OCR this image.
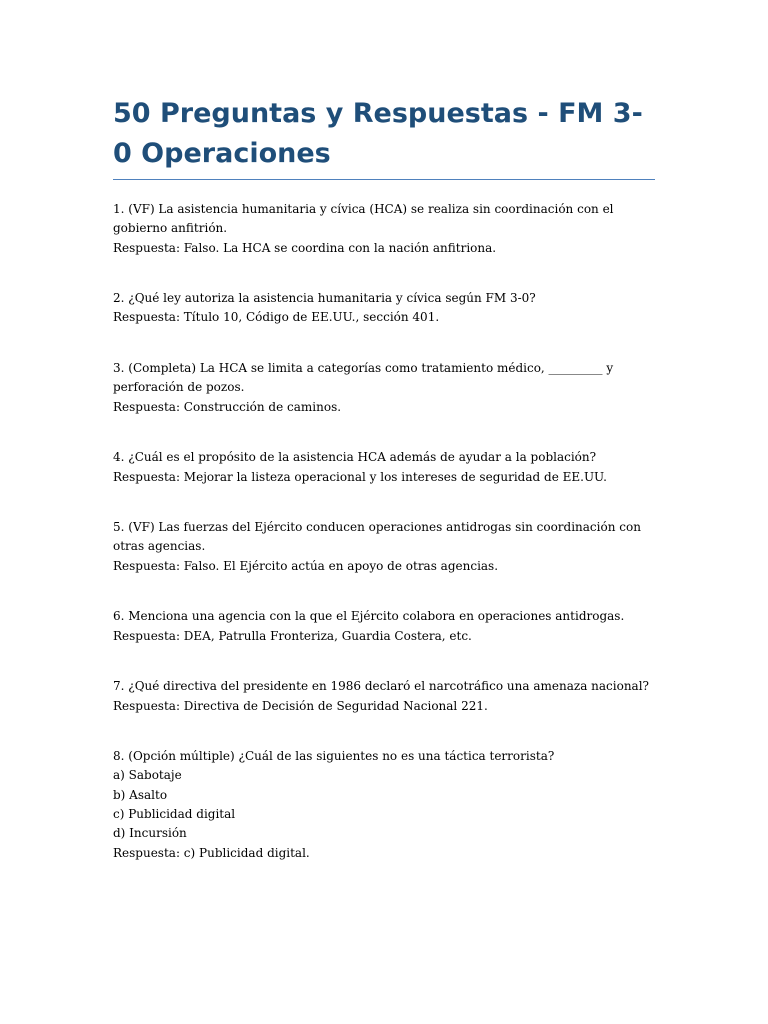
50 Preguntas y Respuestas - FM 3-0 Operaciones

1. (VF) La asistencia humanitaria y cívica (HCA) se realiza sin coordinación con el gobierno anfitrión.

Respuesta: Falso. La HCA se coordina con la nación anfitriona.

2. ¿Qué ley autoriza la asistencia humanitaria y cívica según FM 3-0?

Respuesta: Título 10, Código de EE.UU., sección 401.

3. (Completa) La HCA se limita a categorías como tratamiento médico, _________ y perforación de pozos.

Respuesta: Construcción de caminos.

4. ¿Cuál es el propósito de la asistencia HCA además de ayudar a la población?

Respuesta: Mejorar la listeza operacional y los intereses de seguridad de EE.UU.

5. (VF) Las fuerzas del Ejército conducen operaciones antidrogas sin coordinación con otras agencias.

Respuesta: Falso. El Ejército actúa en apoyo de otras agencias.

6. Menciona una agencia con la que el Ejército colabora en operaciones antidrogas.

Respuesta: DEA, Patrulla Fronteriza, Guardia Costera, etc.

7. ¿Qué directiva del presidente en 1986 declaró el narcotráfico una amenaza nacional?

Respuesta: Directiva de Decisión de Seguridad Nacional 221.

8. (Opción múltiple) ¿Cuál de las siguientes no es una táctica terrorista?

a) Sabotaje

b) Asalto

c) Publicidad digital

d) Incursión

Respuesta: c) Publicidad digital.
